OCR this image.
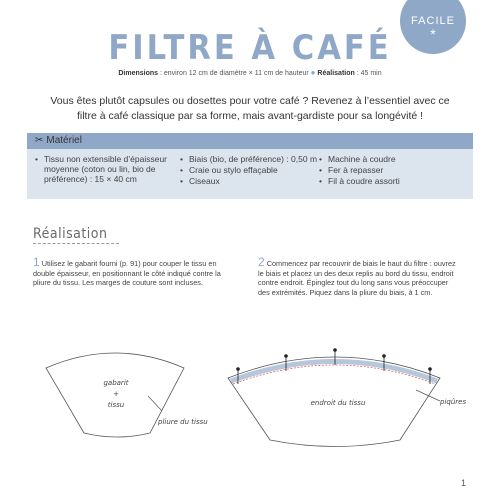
FACILE
*
FILTRE À CAFÉ
Dimensions : environ 12 cm de diamètre × 11 cm de hauteur ● Réalisation : 45 min
Vous êtes plutôt capsules ou dosettes pour votre café ? Revenez à l’essentiel avec ce filtre à café classique par sa forme, mais avant-gardiste pour sa longévité !
✂ Matériel
• Tissu non extensible d’épaisseur moyenne (coton ou lin, bio de préférence) : 15 × 40 cm
• Biais (bio, de préférence) : 0,50 m
• Craie ou stylo effaçable
• Ciseaux
• Machine à coudre
• Fer à repasser
• Fil à coudre assorti
Réalisation
1 Utilisez le gabarit fourni (p. 91) pour couper le tissu en double épaisseur, en positionnant le côté indiqué contre la pliure du tissu. Les marges de couture sont incluses.
2 Commencez par recouvrir de biais le haut du filtre : ouvrez le biais et placez un des deux replis au bord du tissu, endroit contre endroit. Épinglez tout du long sans vous préoccuper des extrémités. Piquez dans la pliure du biais, à 1 cm.
gabarit
+
tissu
pliure du tissu
endroit du tissu	piqûres
1
